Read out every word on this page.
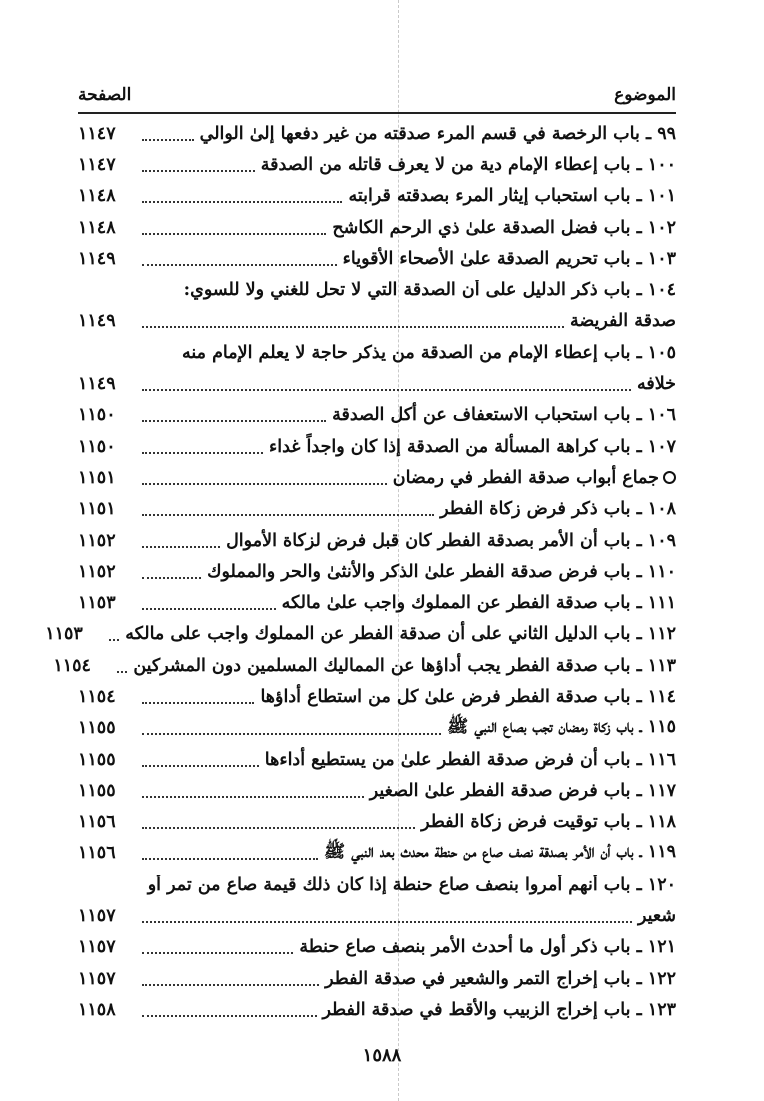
الموضوع
الصفحة
٩٩ ـ باب الرخصة في قسم المرء صدقته من غير دفعها إلىٰ الوالي
١١٤٧
١٠٠ ـ باب إعطاء الإمام دية من لا يعرف قاتله من الصدقة
١١٤٧
١٠١ ـ باب استحباب إيثار المرء بصدقته قرابته
١١٤٨
١٠٢ ـ باب فضل الصدقة علىٰ ذي الرحم الكاشح
١١٤٨
١٠٣ ـ باب تحريم الصدقة علىٰ الأصحاء الأقوياء
١١٤٩
١٠٤ ـ باب ذكر الدليل على أن الصدقة التي لا تحل للغني ولا للسوي:
صدقة الفريضة
١١٤٩
١٠٥ ـ باب إعطاء الإمام من الصدقة من يذكر حاجة لا يعلم الإمام منه
خلافه
١١٤٩
١٠٦ ـ باب استحباب الاستعفاف عن أكل الصدقة
١١٥٠
١٠٧ ـ باب كراهة المسألة من الصدقة إذا كان واجداً غداء
١١٥٠
جماع أبواب صدقة الفطر في رمضان
١١٥١
١٠٨ ـ باب ذكر فرض زكاة الفطر
١١٥١
١٠٩ ـ باب أن الأمر بصدقة الفطر كان قبل فرض لزكاة الأموال
١١٥٢
١١٠ ـ باب فرض صدقة الفطر علىٰ الذكر والأنثىٰ والحر والمملوك
١١٥٢
١١١ ـ باب صدقة الفطر عن المملوك واجب علىٰ مالكه
١١٥٣
١١٢ ـ باب الدليل الثاني على أن صدقة الفطر عن المملوك واجب على مالكه
١١٥٣
١١٣ ـ باب صدقة الفطر يجب أداؤها عن المماليك المسلمين دون المشركين
١١٥٤
١١٤ ـ باب صدقة الفطر فرض علىٰ كل من استطاع أداؤها
١١٥٤
١١٥ ـ باب زكاة رمضان تجب بصاع النبي ﷺ
١١٥٥
١١٦ ـ باب أن فرض صدقة الفطر علىٰ من يستطيع أداءها
١١٥٥
١١٧ ـ باب فرض صدقة الفطر علىٰ الصغير
١١٥٥
١١٨ ـ باب توقيت فرض زكاة الفطر
١١٥٦
١١٩ ـ باب أن الأمر بصدقة نصف صاع من حنطة محدث بعد النبي ﷺ
١١٥٦
١٢٠ ـ باب أنهم أمروا بنصف صاع حنطة إذا كان ذلك قيمة صاع من تمر أو
شعير
١١٥٧
١٢١ ـ باب ذكر أول ما أحدث الأمر بنصف صاع حنطة
١١٥٧
١٢٢ ـ باب إخراج التمر والشعير في صدقة الفطر
١١٥٧
١٢٣ ـ باب إخراج الزبيب والأقط في صدقة الفطر
١١٥٨
١٥٨٨
